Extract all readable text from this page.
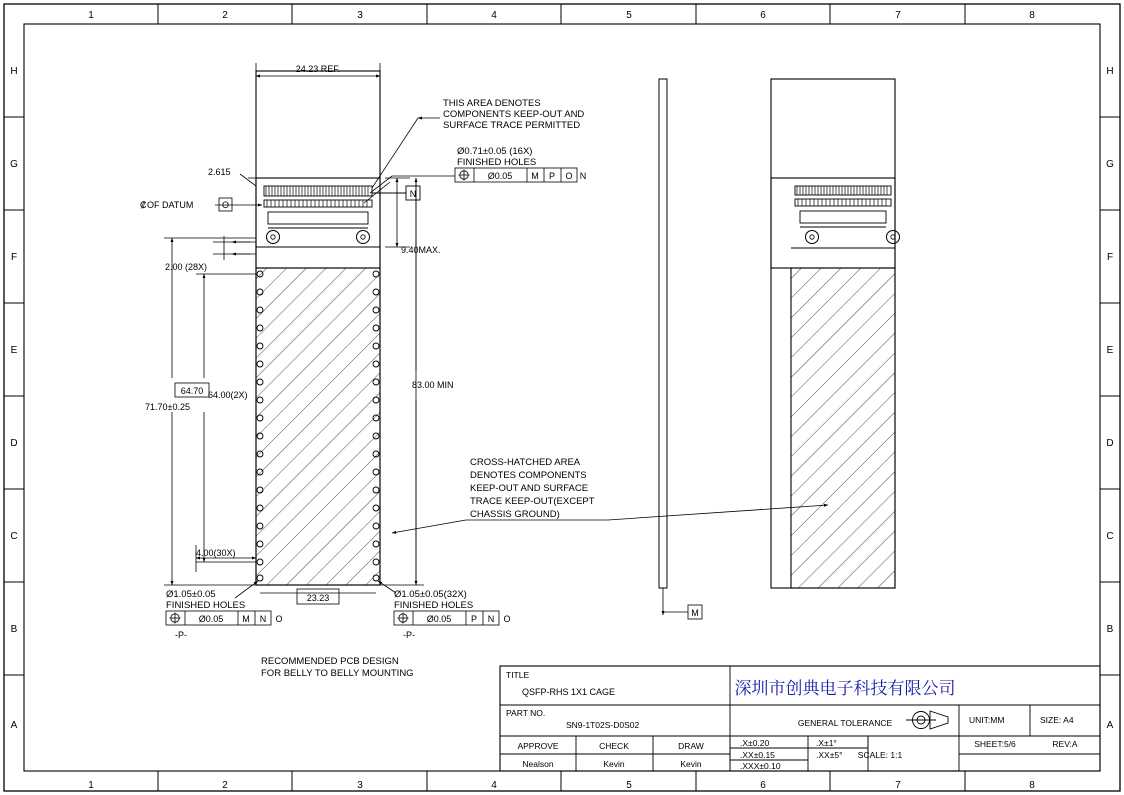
1	2	3	4	5	6	7	8
1	2	3	4	5	6	7	8
H
G
F
E
D
C
B
A
H
G
F
E
D
C
B
A
24.23 REF.
2.615
OF DATUM
₡	O
N
2.00 (28X)
9.40MAX.
83.00 MIN
64.70 64.00(2X)
71.70±0.25
4.00(30X)
23.23
Ø0.71±0.05 (16X)
FINISHED HOLES
Ø0.05 M P O N
THIS AREA DENOTES
COMPONENTS KEEP-OUT AND
SURFACE TRACE PERMITTED
Ø1.05±0.05
FINISHED HOLES
Ø0.05 M N O
-P-
Ø1.05±0.05(32X)
FINISHED HOLES
Ø0.05 P N O
-P-
CROSS-HATCHED AREA
DENOTES COMPONENTS
KEEP-OUT AND SURFACE
TRACE KEEP-OUT(EXCEPT
CHASSIS GROUND)
M
RECOMMENDED PCB DESIGN
FOR BELLY TO BELLY MOUNTING	TITLE
QSFP-RHS 1X1 CAGE	深圳市创典电子科技有限公司
PART NO.
SN9-1T02S-D0S02	GENERAL TOLERANCE	UNIT:MM	SIZE: A4
APPROVE	CHECK	DRAW
Nealson	Kevin	Kevin
.X±0.20	.X±1°
.XX±0.15	.XX±5°
.XXX±0.10
SCALE: 1:1
SHEET:5/6	REV:A
